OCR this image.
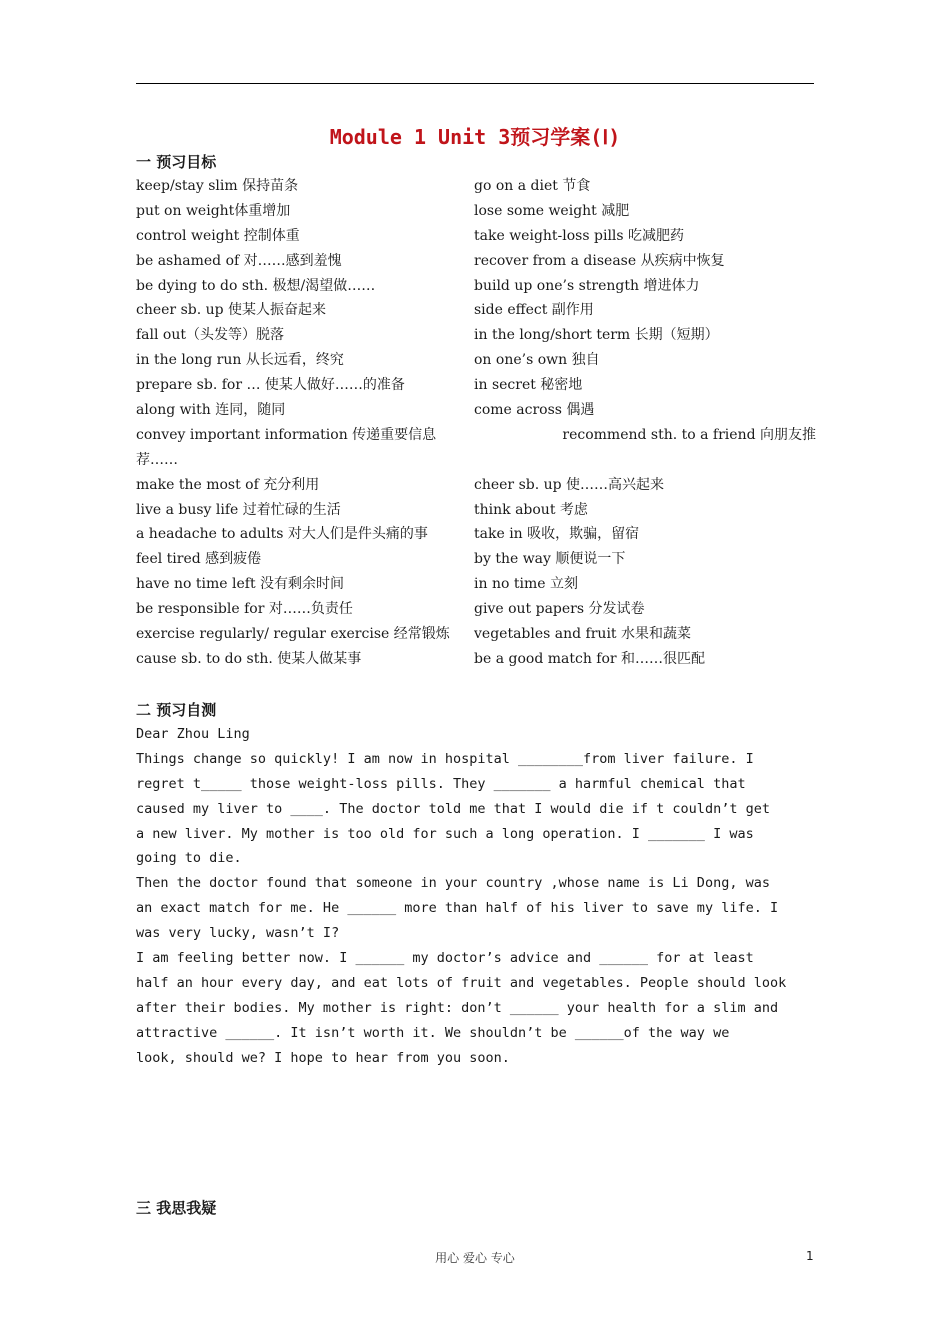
Module 1 Unit 3预习学案(Ⅰ)
一 预习目标
keep/stay slim 保持苗条	go on a diet 节食
put on weight体重增加	lose some weight 减肥
control weight 控制体重	take weight-loss pills 吃减肥药
be ashamed of 对……感到羞愧	recover from a disease 从疾病中恢复
be dying to do sth. 极想/渴望做……	build up one’s strength 增进体力
cheer sb. up 使某人振奋起来	side effect 副作用
fall out（头发等）脱落	in the long/short term 长期（短期）
in the long run 从长远看，终究	on one’s own 独自
prepare sb. for … 使某人做好……的准备	in secret 秘密地
along with 连同，随同	come across 偶遇
convey important information 传递重要信息	recommend sth. to a friend 向朋友推
荐……
make the most of 充分利用	cheer sb. up 使……高兴起来
live a busy life 过着忙碌的生活	think about 考虑
a headache to adults 对大人们是件头痛的事	take in 吸收，欺骗，留宿
feel tired 感到疲倦	by the way 顺便说一下
have no time left 没有剩余时间	in no time 立刻
be responsible for 对……负责任	give out papers 分发试卷
exercise regularly/ regular exercise 经常锻炼	vegetables and fruit 水果和蔬菜
cause sb. to do sth. 使某人做某事	be a good match for 和……很匹配
二 预习自测
Dear Zhou Ling
Things change so quickly! I am now in hospital ________from liver failure. I
regret t_____ those weight-loss pills. They _______ a harmful chemical that
caused my liver to ____. The doctor told me that I would die if t couldn’t get
a new liver. My mother is too old for such a long operation. I _______ I was
going to die.
Then the doctor found that someone in your country ,whose name is Li Dong, was
an exact match for me. He ______ more than half of his liver to save my life. I
was very lucky, wasn’t I?
I am feeling better now. I ______ my doctor’s advice and ______ for at least
half an hour every day, and eat lots of fruit and vegetables. People should look
after their bodies. My mother is right: don’t ______ your health for a slim and
attractive ______. It isn’t worth it. We shouldn’t be ______of the way we
look, should we? I hope to hear from you soon.
三 我思我疑
用心 爱心 专心	1
